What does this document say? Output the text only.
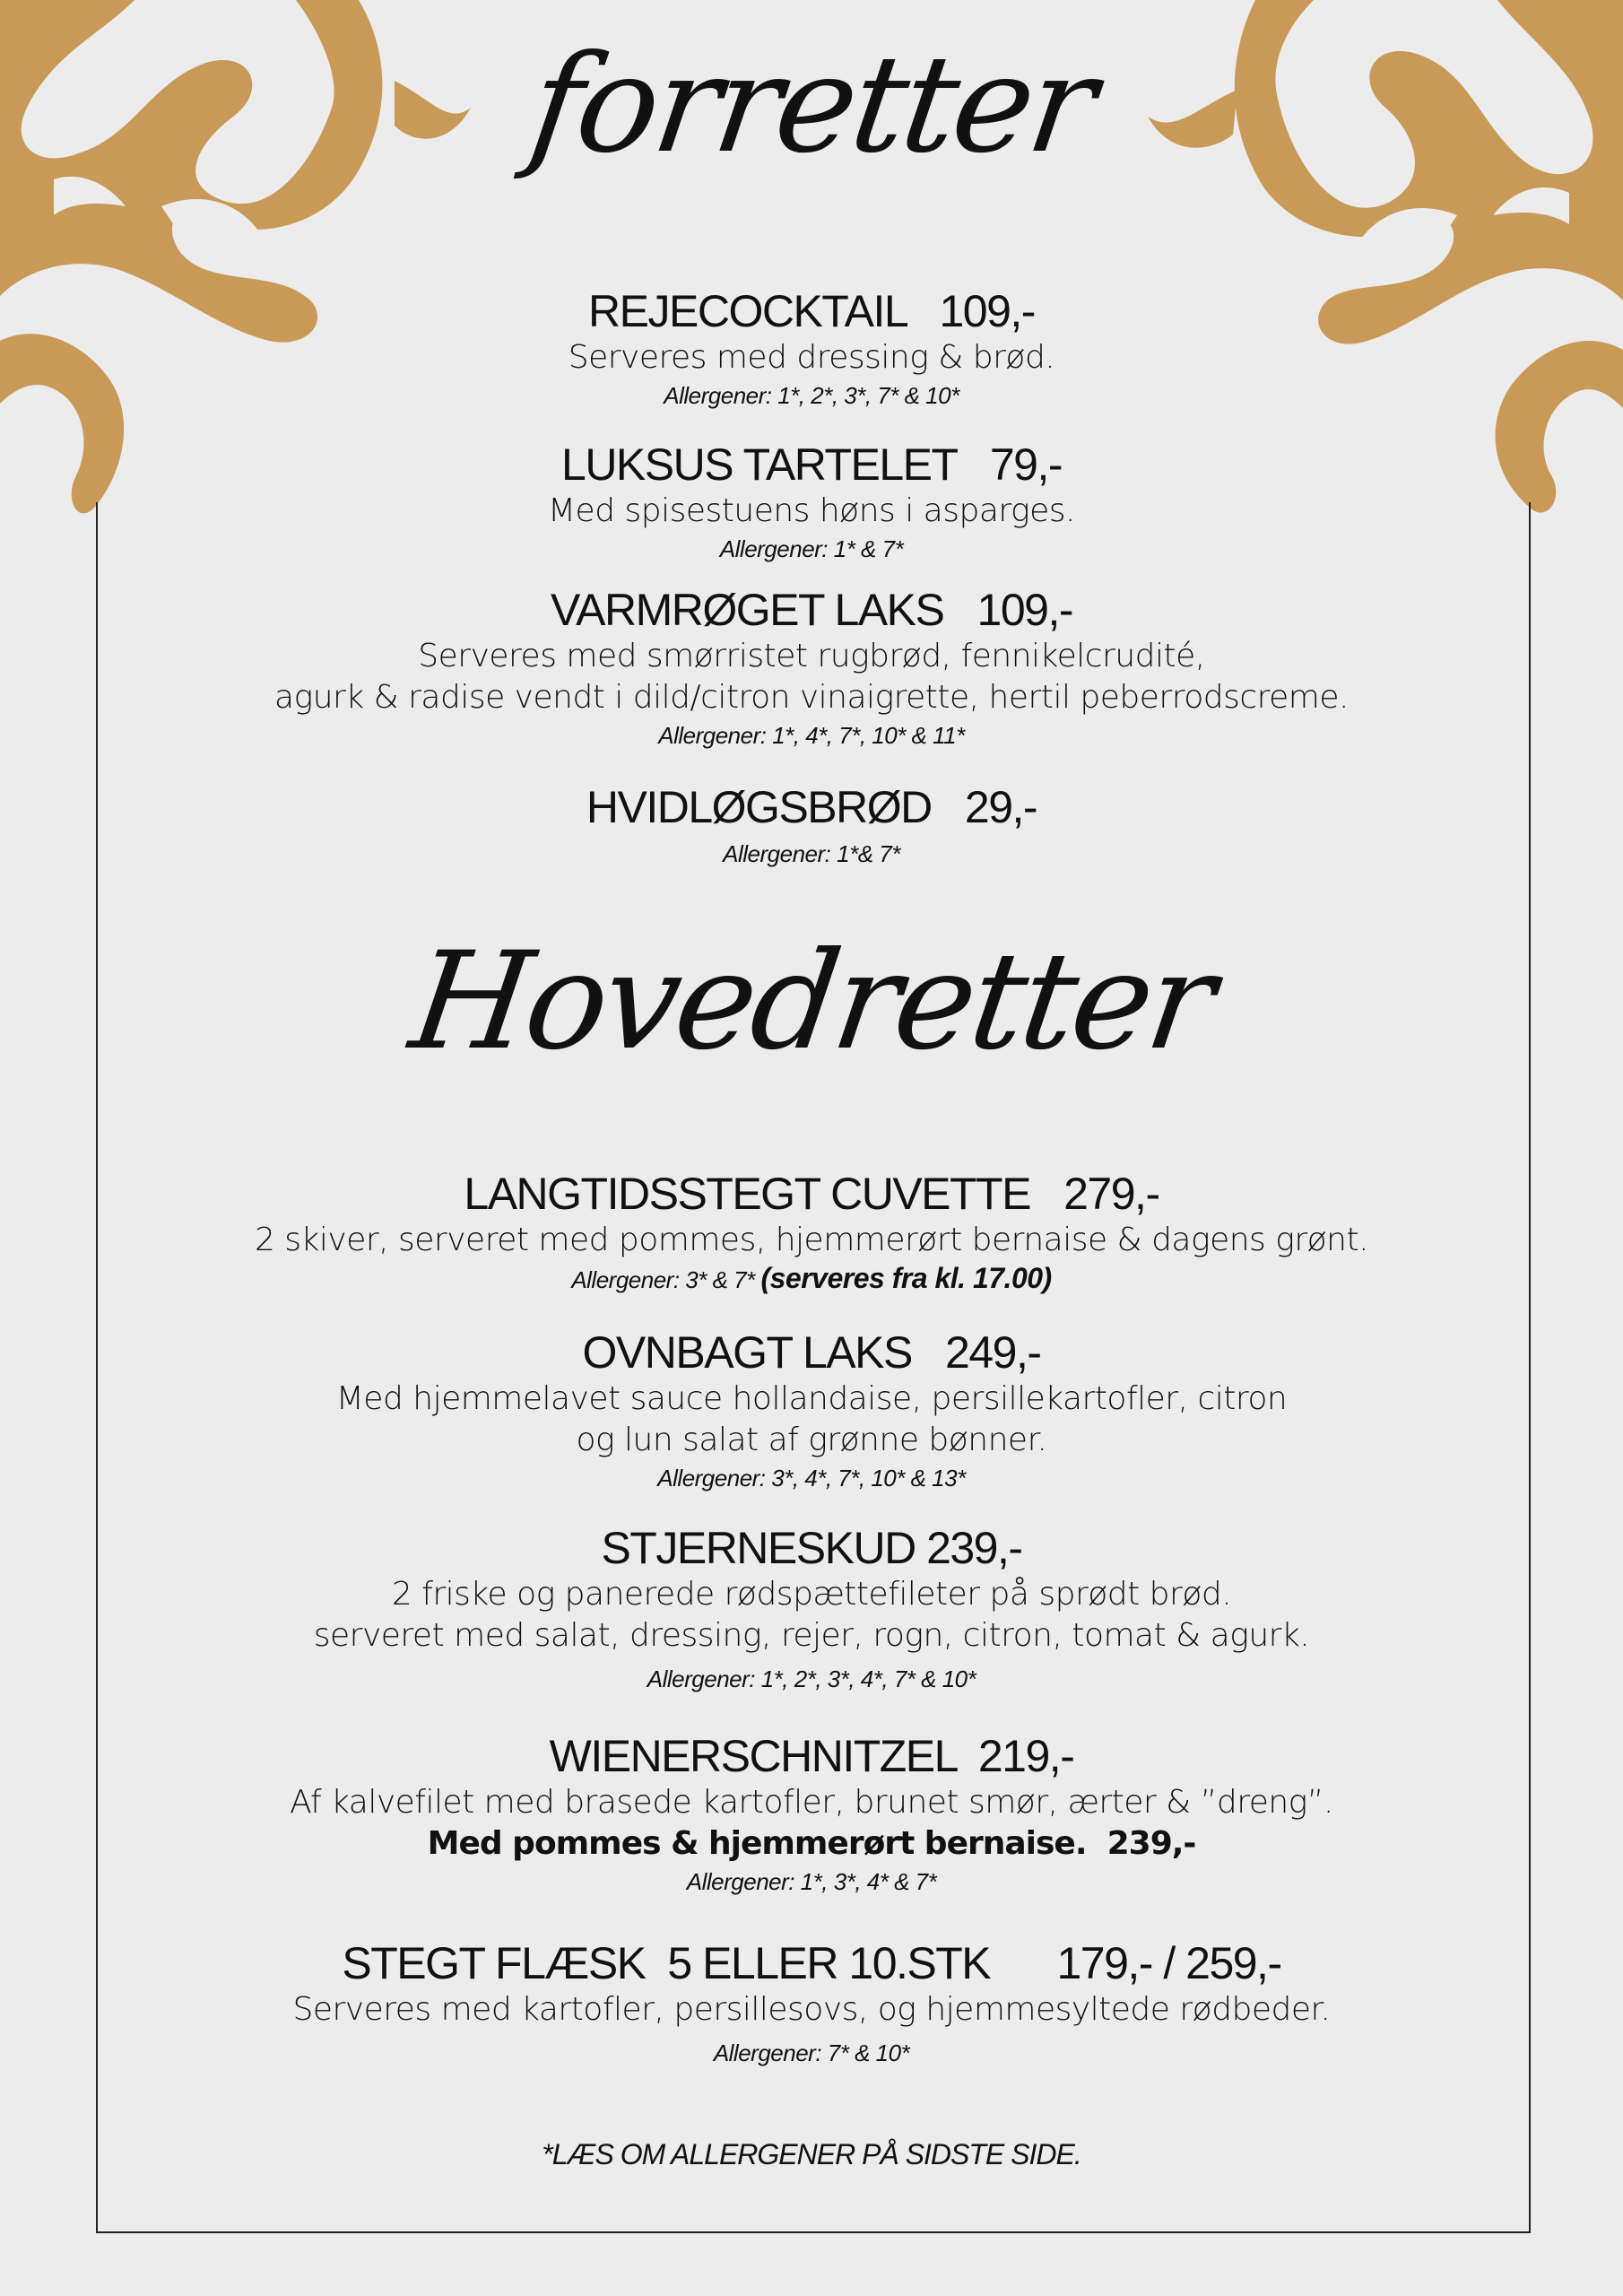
forretter
REJECOCKTAIL   109,-
Serveres med dressing & brød.
Allergener: 1*, 2*, 3*, 7* & 10*
LUKSUS TARTELET   79,-
Med spisestuens høns i asparges.
Allergener: 1* & 7*
VARMRØGET LAKS   109,-
Serveres med smørristet rugbrød, fennikelcrudité,
agurk & radise vendt i dild/citron vinaigrette, hertil peberrodscreme.
Allergener: 1*, 4*, 7*, 10* & 11*
HVIDLØGSBRØD   29,-
Allergener: 1*& 7*
Hovedretter
LANGTIDSSTEGT CUVETTE   279,-
2 skiver, serveret med pommes, hjemmerørt bernaise & dagens grønt.
Allergener: 3* & 7* (serveres fra kl. 17.00)
OVNBAGT LAKS   249,-
Med hjemmelavet sauce hollandaise, persillekartofler, citron
og lun salat af grønne bønner.
Allergener: 3*, 4*, 7*, 10* & 13*
STJERNESKUD 239,-
2 friske og panerede rødspættefileter på sprødt brød.
serveret med salat, dressing, rejer, rogn, citron, tomat & agurk.
Allergener: 1*, 2*, 3*, 4*, 7* & 10*
WIENERSCHNITZEL  219,-
Af kalvefilet med brasede kartofler, brunet smør, ærter & ”dreng”.
Med pommes & hjemmerørt bernaise.  239,-
Allergener: 1*, 3*, 4* & 7*
STEGT FLÆSK  5 ELLER 10.STK      179,- / 259,-
Serveres med kartofler, persillesovs, og hjemmesyltede rødbeder.
Allergener: 7* & 10*
*LÆS OM ALLERGENER PÅ SIDSTE SIDE.
